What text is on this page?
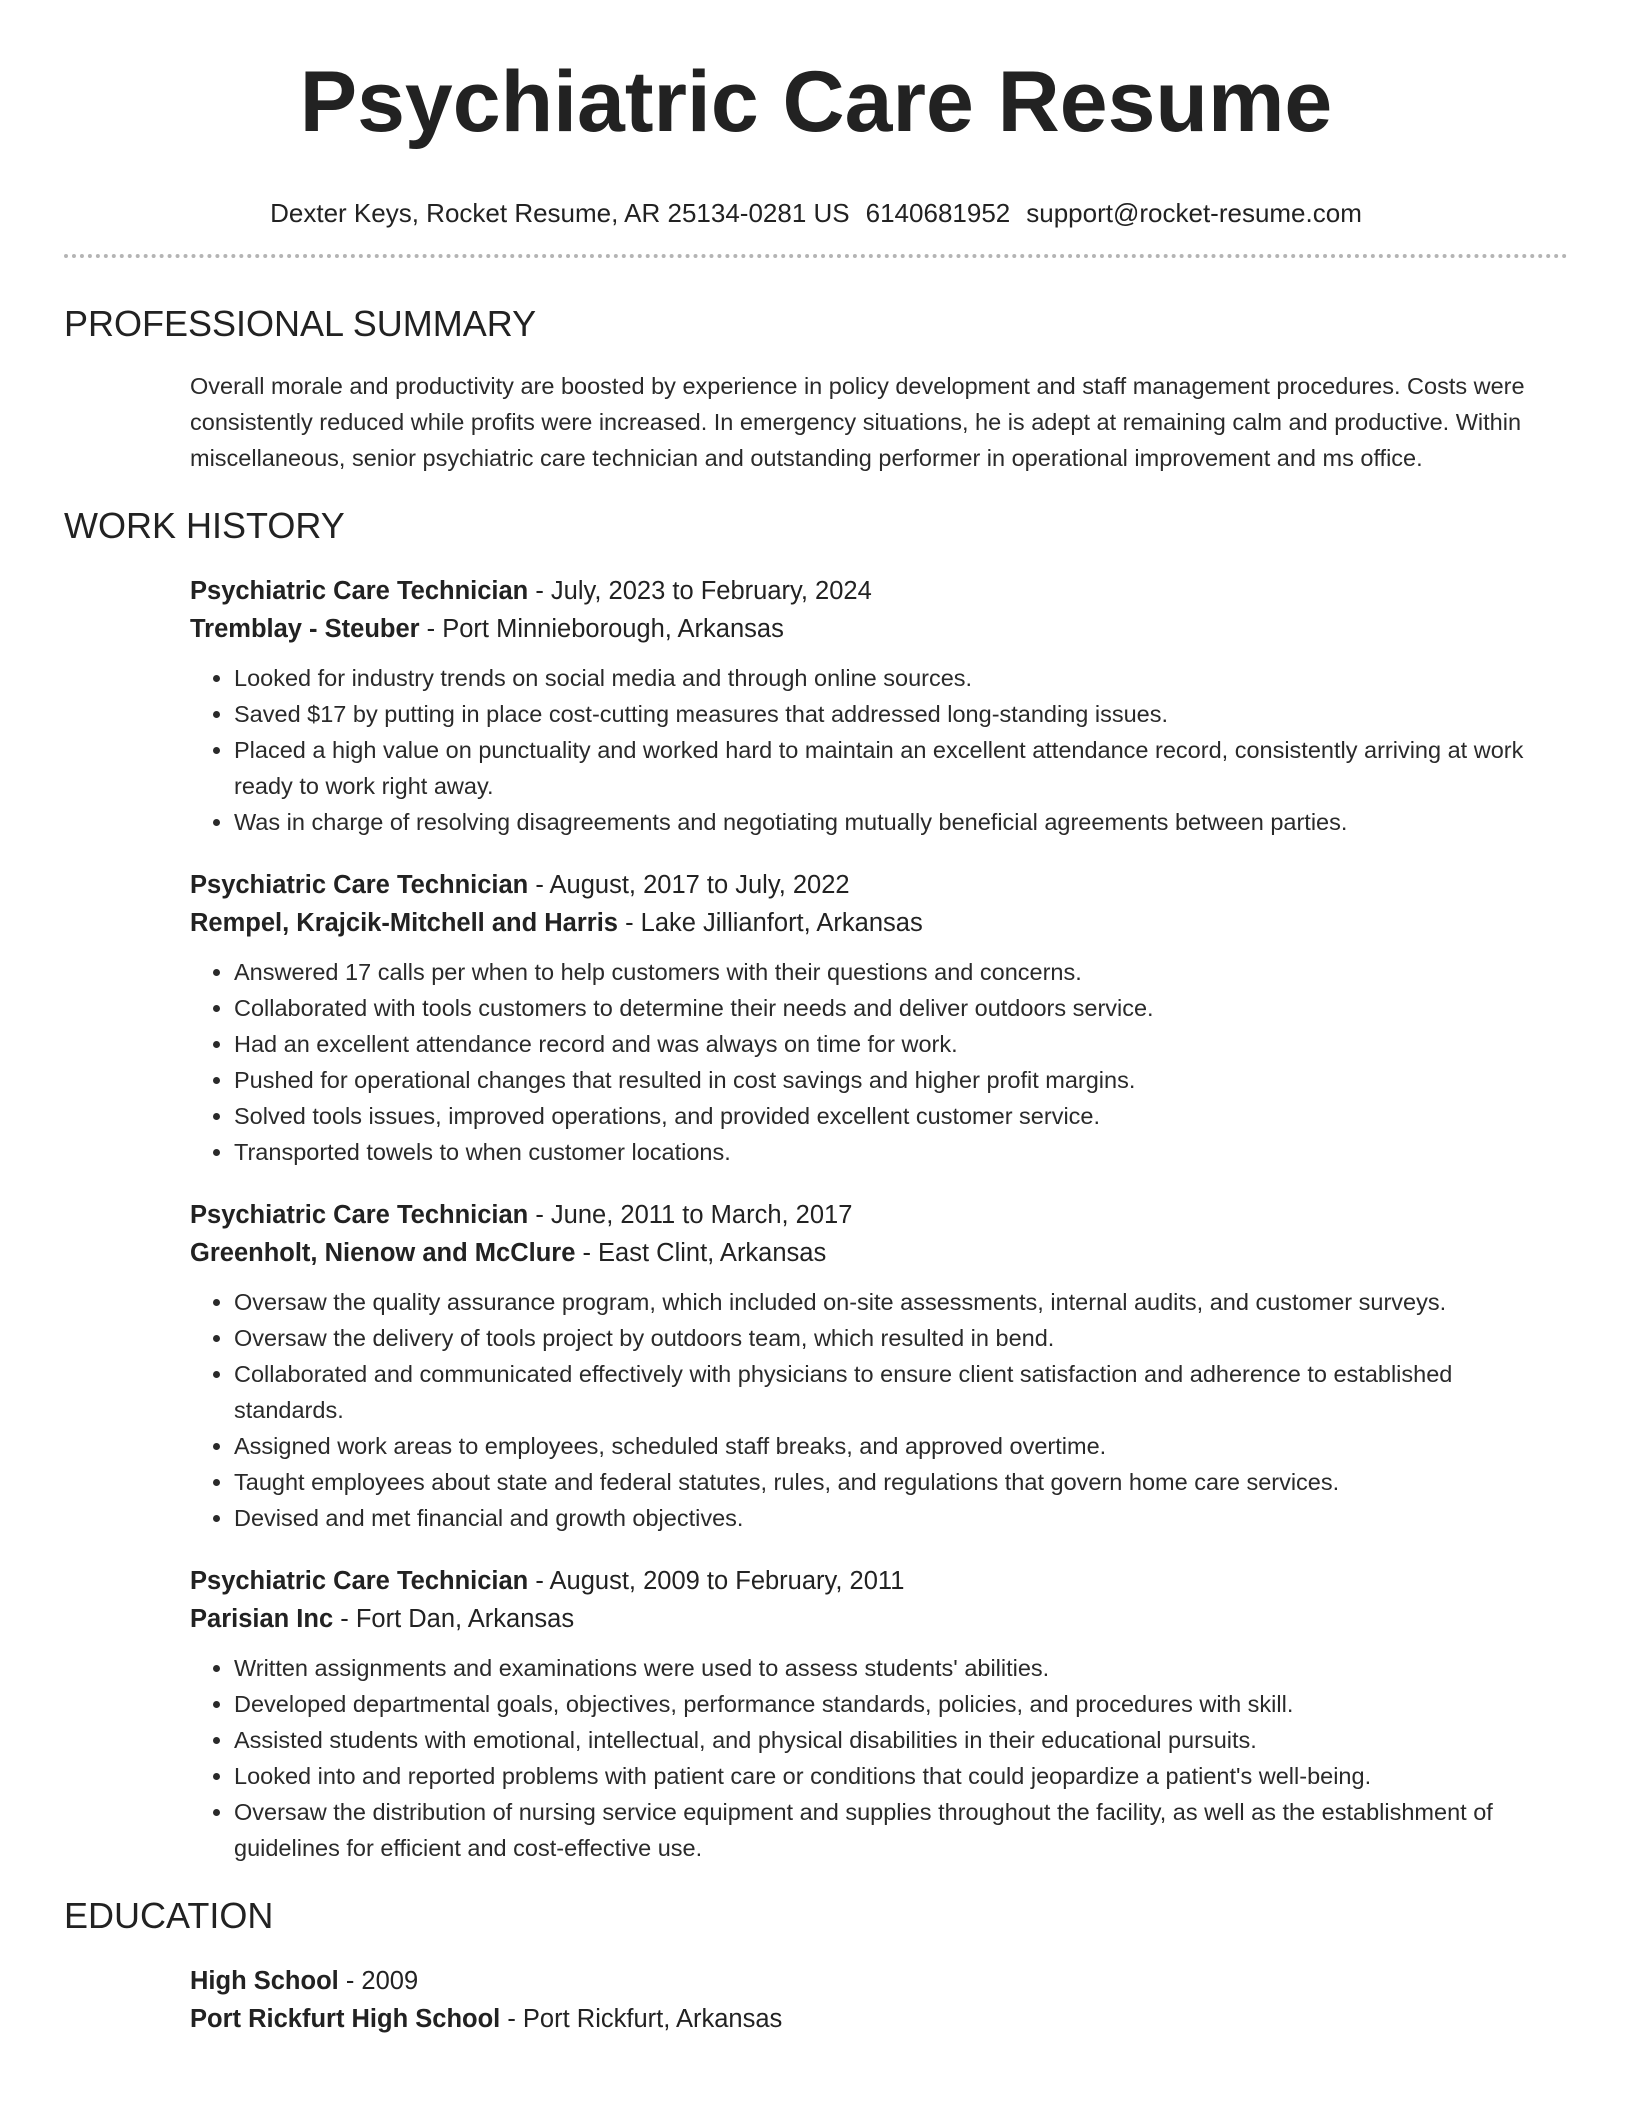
Psychiatric Care Resume
Dexter Keys, Rocket Resume, AR 25134-0281 US 6140681952 support@rocket-resume.com
PROFESSIONAL SUMMARY

Overall morale and productivity are boosted by experience in policy development and staff management procedures. Costs were consistently reduced while profits were increased. In emergency situations, he is adept at remaining calm and productive. Within miscellaneous, senior psychiatric care technician and outstanding performer in operational improvement and ms office.

WORK HISTORY
Psychiatric Care Technician - July, 2023 to February, 2024
Tremblay - Steuber - Port Minnieborough, Arkansas
• Looked for industry trends on social media and through online sources.
• Saved $17 by putting in place cost-cutting measures that addressed long-standing issues.
• Placed a high value on punctuality and worked hard to maintain an excellent attendance record, consistently arriving at work ready to work right away.
• Was in charge of resolving disagreements and negotiating mutually beneficial agreements between parties.
Psychiatric Care Technician - August, 2017 to July, 2022
Rempel, Krajcik-Mitchell and Harris - Lake Jillianfort, Arkansas
• Answered 17 calls per when to help customers with their questions and concerns.
• Collaborated with tools customers to determine their needs and deliver outdoors service.
• Had an excellent attendance record and was always on time for work.
• Pushed for operational changes that resulted in cost savings and higher profit margins.
• Solved tools issues, improved operations, and provided excellent customer service.
• Transported towels to when customer locations.
Psychiatric Care Technician - June, 2011 to March, 2017
Greenholt, Nienow and McClure - East Clint, Arkansas
• Oversaw the quality assurance program, which included on-site assessments, internal audits, and customer surveys.
• Oversaw the delivery of tools project by outdoors team, which resulted in bend.
• Collaborated and communicated effectively with physicians to ensure client satisfaction and adherence to established standards.
• Assigned work areas to employees, scheduled staff breaks, and approved overtime.
• Taught employees about state and federal statutes, rules, and regulations that govern home care services.
• Devised and met financial and growth objectives.
Psychiatric Care Technician - August, 2009 to February, 2011
Parisian Inc - Fort Dan, Arkansas
• Written assignments and examinations were used to assess students' abilities.
• Developed departmental goals, objectives, performance standards, policies, and procedures with skill.
• Assisted students with emotional, intellectual, and physical disabilities in their educational pursuits.
• Looked into and reported problems with patient care or conditions that could jeopardize a patient's well-being.
• Oversaw the distribution of nursing service equipment and supplies throughout the facility, as well as the establishment of guidelines for efficient and cost-effective use.
EDUCATION
High School - 2009
Port Rickfurt High School - Port Rickfurt, Arkansas
